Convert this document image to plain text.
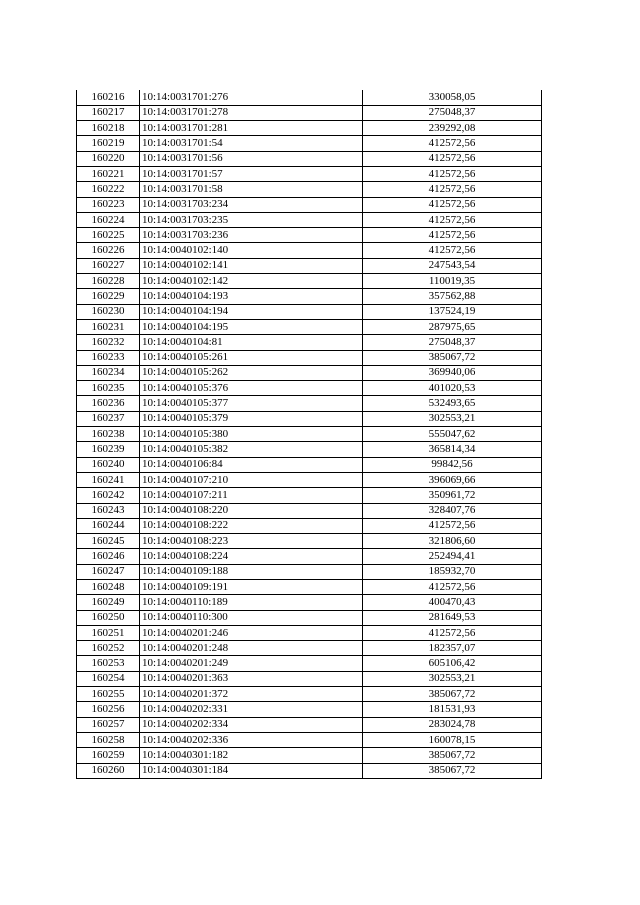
160216	10:14:0031701:276	330058,05
160217	10:14:0031701:278	275048,37
160218	10:14:0031701:281	239292,08
160219	10:14:0031701:54	412572,56
160220	10:14:0031701:56	412572,56
160221	10:14:0031701:57	412572,56
160222	10:14:0031701:58	412572,56
160223	10:14:0031703:234	412572,56
160224	10:14:0031703:235	412572,56
160225	10:14:0031703:236	412572,56
160226	10:14:0040102:140	412572,56
160227	10:14:0040102:141	247543,54
160228	10:14:0040102:142	110019,35
160229	10:14:0040104:193	357562,88
160230	10:14:0040104:194	137524,19
160231	10:14:0040104:195	287975,65
160232	10:14:0040104:81	275048,37
160233	10:14:0040105:261	385067,72
160234	10:14:0040105:262	369940,06
160235	10:14:0040105:376	401020,53
160236	10:14:0040105:377	532493,65
160237	10:14:0040105:379	302553,21
160238	10:14:0040105:380	555047,62
160239	10:14:0040105:382	365814,34
160240	10:14:0040106:84	99842,56
160241	10:14:0040107:210	396069,66
160242	10:14:0040107:211	350961,72
160243	10:14:0040108:220	328407,76
160244	10:14:0040108:222	412572,56
160245	10:14:0040108:223	321806,60
160246	10:14:0040108:224	252494,41
160247	10:14:0040109:188	185932,70
160248	10:14:0040109:191	412572,56
160249	10:14:0040110:189	400470,43
160250	10:14:0040110:300	281649,53
160251	10:14:0040201:246	412572,56
160252	10:14:0040201:248	182357,07
160253	10:14:0040201:249	605106,42
160254	10:14:0040201:363	302553,21
160255	10:14:0040201:372	385067,72
160256	10:14:0040202:331	181531,93
160257	10:14:0040202:334	283024,78
160258	10:14:0040202:336	160078,15
160259	10:14:0040301:182	385067,72
160260	10:14:0040301:184	385067,72
